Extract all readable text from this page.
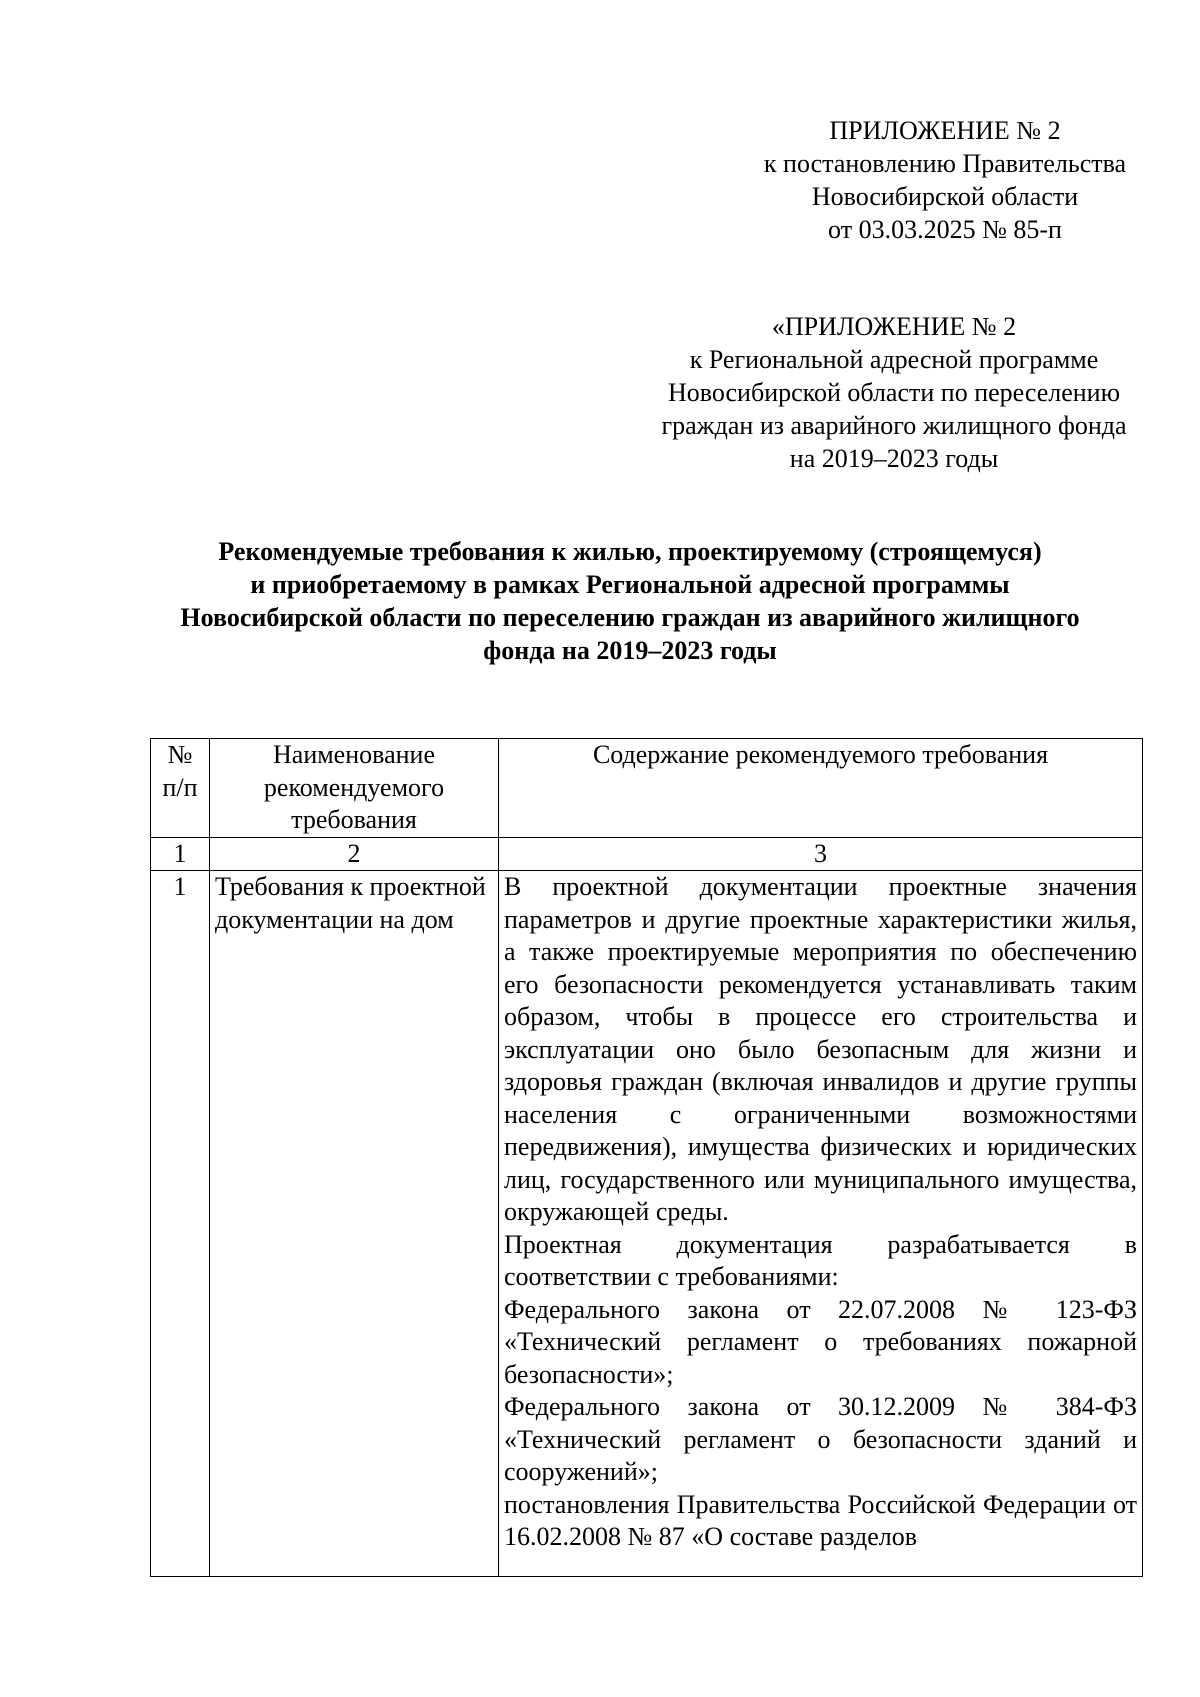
ПРИЛОЖЕНИЕ № 2
к постановлению Правительства
Новосибирской области
от 03.03.2025 № 85-п
«ПРИЛОЖЕНИЕ № 2
к Региональной адресной программе
Новосибирской области по переселению
граждан из аварийного жилищного фонда
на 2019–2023 годы
Рекомендуемые требования к жилью, проектируемому (строящемуся)
и приобретаемому в рамках Региональной адресной программы
Новосибирской области по переселению граждан из аварийного жилищного
фонда на 2019–2023 годы
№ п/п	Наименование рекомендуемого требования	Содержание рекомендуемого требования
1	2	3
1	Требования к проектной документации на дом	В проектной документации проектные значения параметров и другие проектные характеристики жилья, а также проектируемые мероприятия по обеспечению его безопасности рекомендуется устанавливать таким образом, чтобы в процессе его строительства и эксплуатации оно было безопасным для жизни и здоровья граждан (включая инвалидов и другие группы населения с ограниченными возможностями передвижения), имущества физических и юридических лиц, государственного или муниципального имущества, окружающей среды.

Проектная документация разрабатывается в соответствии с требованиями:

Федерального закона от 22.07.2008 № 123-ФЗ «Технический регламент о требованиях пожарной безопасности»;

Федерального закона от 30.12.2009 № 384-ФЗ «Технический регламент о безопасности зданий и сооружений»;

постановления Правительства Российской Федерации от 16.02.2008 № 87 «О составе разделов
